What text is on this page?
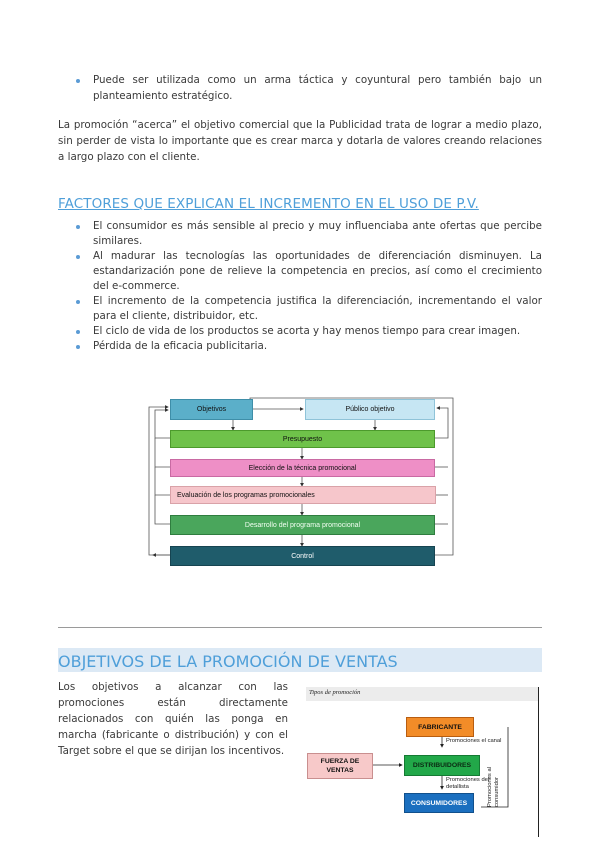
Puede ser utilizada como un arma táctica y coyuntural pero también bajo un planteamiento estratégico.
La promoción “acerca” el objetivo comercial que la Publicidad trata de lograr a medio plazo, sin perder de vista lo importante que es crear marca y dotarla de valores creando relaciones a largo plazo con el cliente.
FACTORES QUE EXPLICAN EL INCREMENTO EN EL USO DE P.V.
El consumidor es más sensible al precio y muy influenciaba ante ofertas que percibe similares.
Al madurar las tecnologías las oportunidades de diferenciación disminuyen. La estandarización pone de relieve la competencia en precios, así como el crecimiento del e-commerce.
El incremento de la competencia justifica la diferenciación, incrementando el valor para el cliente, distribuidor, etc.
El ciclo de vida de los productos se acorta y hay menos tiempo para crear imagen.
Pérdida de la eficacia publicitaria.
Objetivos	Público objetivo
Presupuesto
Elección de la técnica promocional
Evaluación de los programas promocionales
Desarrollo del programa promocional
Control
OBJETIVOS DE LA PROMOCIÓN DE VENTAS
Los objetivos a alcanzar con las promociones están directamente relacionados con quién las ponga en marcha (fabricante o distribución) y con el Target sobre el que se dirijan los incentivos.
Tipos de promoción
FABRICANTE
Promociones el canal
DISTRIBUIDORES
FUERZA DE VENTAS
Promociones del detallista
CONSUMIDORES	Promociones al consumidor
